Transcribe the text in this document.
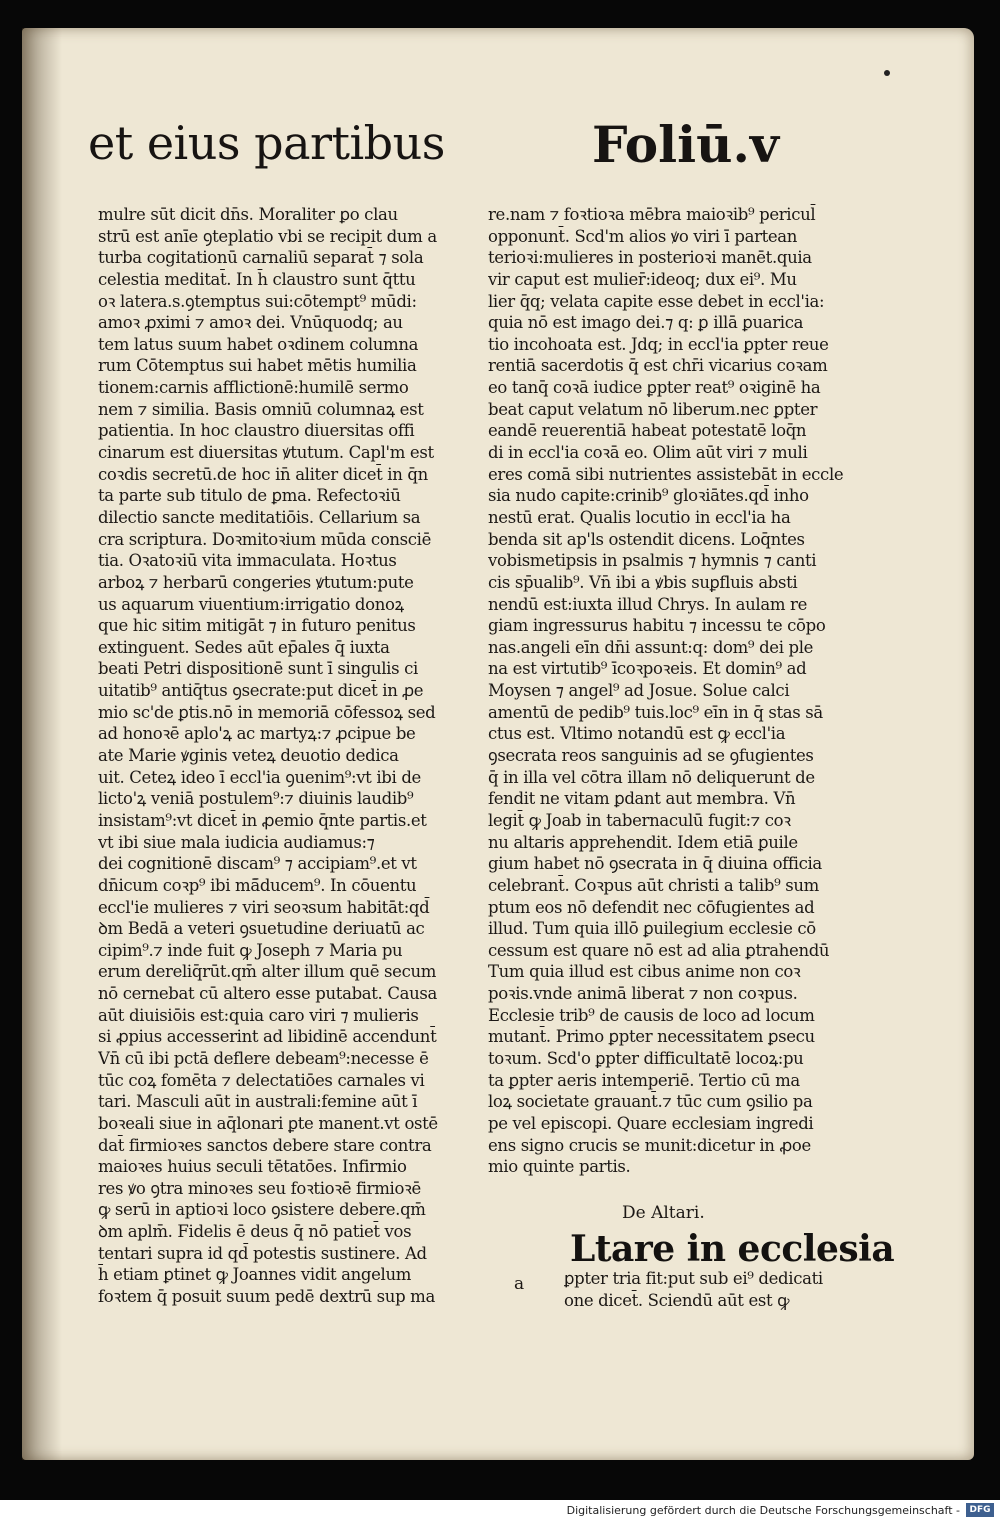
et eius partibus	Foliū.v
mulre sūt dicit dn̄s. Moraliter ꝑo clau
strū est anīe ꝯteplatio vbi se recipit dum a
turba cogitationū carnaliū separat̄ ⁊ sola
celestia meditat̄. In h̄ claustro sunt q̄ttu
oꝛ latera.s.ꝯtemptus sui:cōtempt⁹ mūdi:
amoꝛ ꝓximi ⁊ amoꝛ dei. Vnūquodq; au
tem latus suum habet oꝛdinem columna
rum Cōtemptus sui habet mētis humilia
tionem:carnis afflictionē:humilē sermo
nem ⁊ similia. Basis omniū columnaꝝ est
patientia. In hoc claustro diuersitas offi
cinarum est diuersitas ꝟtutum. Capl'm est
coꝛdis secretū.de hoc in̄ aliter dicet̄ in q̄n
ta parte sub titulo de ꝑma. Refectoꝛiū
dilectio sancte meditatiōis. Cellarium sa
cra scriptura. Doꝛmitoꝛium mūda consciē
tia. Oꝛatoꝛiū vita immaculata. Hoꝛtus
arboꝝ ⁊ herbarū congeries ꝟtutum:pute
us aquarum viuentium:irrigatio donoꝝ
que hic sitim mitigāt ⁊ in futuro penitus
extinguent. Sedes aūt ep̄ales q̄ iuxta
beati Petri dispositionē sunt ī singulis ci
uitatib⁹ antiq̄tus ꝯsecrate:put dicet̄ in ꝓe
mio sc'de ꝑtis.nō in memoriā cōfessoꝝ sed
ad honoꝛē aplo'ꝝ ac martyꝝ:⁊ ꝓcipue be
ate Marie ꝟginis veteꝝ deuotio dedica
uit. Ceteꝝ ideo ī eccl'ia ꝯuenim⁹:vt ibi de
licto'ꝝ veniā postulem⁹:⁊ diuinis laudib⁹
insistam⁹:vt dicet̄ in ꝓemio q̄nte partis.et
vt ibi siue mala iudicia audiamus:⁊
dei cognitionē discam⁹ ⁊ accipiam⁹.et vt
dn̄icum coꝛp⁹ ibi mā̄ducem⁹. In cōuentu
eccl'ie mulieres ⁊ viri seoꝛsum habitāt:qd̄
ꝺm Bedā a veteri ꝯsuetudine deriuatū ac
cipim⁹.⁊ inde fuit ꝙ Joseph ⁊ Maria pu
erum dereliq̄rūt.qm̄ alter illum quē secum
nō cernebat cū altero esse putabat. Causa
aūt diuisiōis est:quia caro viri ⁊ mulieris
si ꝓpius accesserint ad libidinē accendunt̄
Vn̄ cū ibi pctā deflere debeam⁹:necesse ē
tūc coꝝ fomēta ⁊ delectatiōes carnales vi
tari. Masculi aūt in australi:femine aūt ī
boꝛeali siue in aq̄lonari ꝑte manent.vt ostē
dat̄ firmioꝛes sanctos debere stare contra
maioꝛes huius seculi tētatōes. Infirmio
res ꝟo ꝯtra minoꝛes seu foꝛtioꝛē firmioꝛē
ꝙ serū in aptioꝛi loco ꝯsistere debere.qm̄
ꝺm aplm̄. Fidelis ē deus q̄ nō patiet̄ vos
tentari supra id qd̄ potestis sustinere. Ad
h̄ etiam ꝑtinet ꝙ Joannes vidit angelum
foꝛtem q̄ posuit suum pedē dextrū sup ma
re.nam ⁊ foꝛtioꝛa mēbra maioꝛib⁹ pericul̄
opponunt̄. Scd'm alios ꝟo viri ī partean
terioꝛi:mulieres in posterioꝛi manēt.quia
vir caput est mulier̄:ideoq; dux ei⁹. Mu
lier q̄q; velata capite esse debet in eccl'ia:
quia nō est imago dei.⁊ q: ꝑ illā ꝑuarica
tio incohoata est. Jdq; in eccl'ia ꝑpter reue
rentiā sacerdotis q̄ est chr̄i vicarius coꝛam
eo tanq̄ coꝛā iudice ꝑpter reat⁹ oꝛiginē ha
beat caput velatum nō liberum.nec ꝑpter
eandē reuerentiā habeat potestatē loq̄n
di in eccl'ia coꝛā eo. Olim aūt viri ⁊ muli
eres comā sibi nutrientes assistebāt in eccle
sia nudo capite:crinib⁹ gloꝛiātes.qd̄ inho
nestū erat. Qualis locutio in eccl'ia ha
benda sit ap'ls ostendit dicens. Loq̄ntes
vobismetipsis in psalmis ⁊ hymnis ⁊ canti
cis sp̄ualib⁹. Vn̄ ibi a ꝟbis suꝑfluis absti
nendū est:iuxta illud Chrys. In aulam re
giam ingressurus habitu ⁊ incessu te cōpo
nas.angeli eīn dn̄i assunt:q: dom⁹ dei ple
na est virtutib⁹ īcoꝛpoꝛeis. Et domin⁹ ad
Moysen ⁊ angel⁹ ad Josue. Solue calci
amentū de pedib⁹ tuis.loc⁹ eīn in q̄ stas sā
ctus est. Vltimo notandū est ꝙ eccl'ia
ꝯsecrata reos sanguinis ad se ꝯfugientes
q̄ in illa vel cōtra illam nō deliquerunt de
fendit ne vitam ꝑdant aut membra. Vn̄
legit̄ ꝙ Joab in tabernaculū fugit:⁊ coꝛ
nu altaris apprehendit. Idem etiā ꝑuile
gium habet nō ꝯsecrata in q̄ diuina officia
celebrant̄. Coꝛpus aūt christi a talib⁹ sum
ptum eos nō defendit nec cōfugientes ad
illud. Tum quia illō ꝑuilegium ecclesie cō
cessum est quare nō est ad alia ꝑtrahendū
Tum quia illud est cibus anime non coꝛ
poꝛis.vnde animā liberat ⁊ non coꝛpus.
Ecclesie trib⁹ de causis de loco ad locum
mutant̄. Primo ꝑpter necessitatem ꝑsecu
toꝛum. Scd'o ꝑpter difficultatē locoꝝ:pu
ta ꝑpter aeris intemperiē. Tertio cū ma
loꝝ societate grauant̄.⁊ tūc cum ꝯsilio pa
pe vel episcopi. Quare ecclesiam ingredi
ens signo crucis se munit:dicetur in ꝓoe
mio quinte partis.
De Altari.
Ltare in ecclesia
a ꝑpter tria fit:put sub ei⁹ dedicati
one dicet̄. Sciendū aūt est ꝙ
Digitalisierung gefördert durch die Deutsche Forschungsgemeinschaft -	DFG
